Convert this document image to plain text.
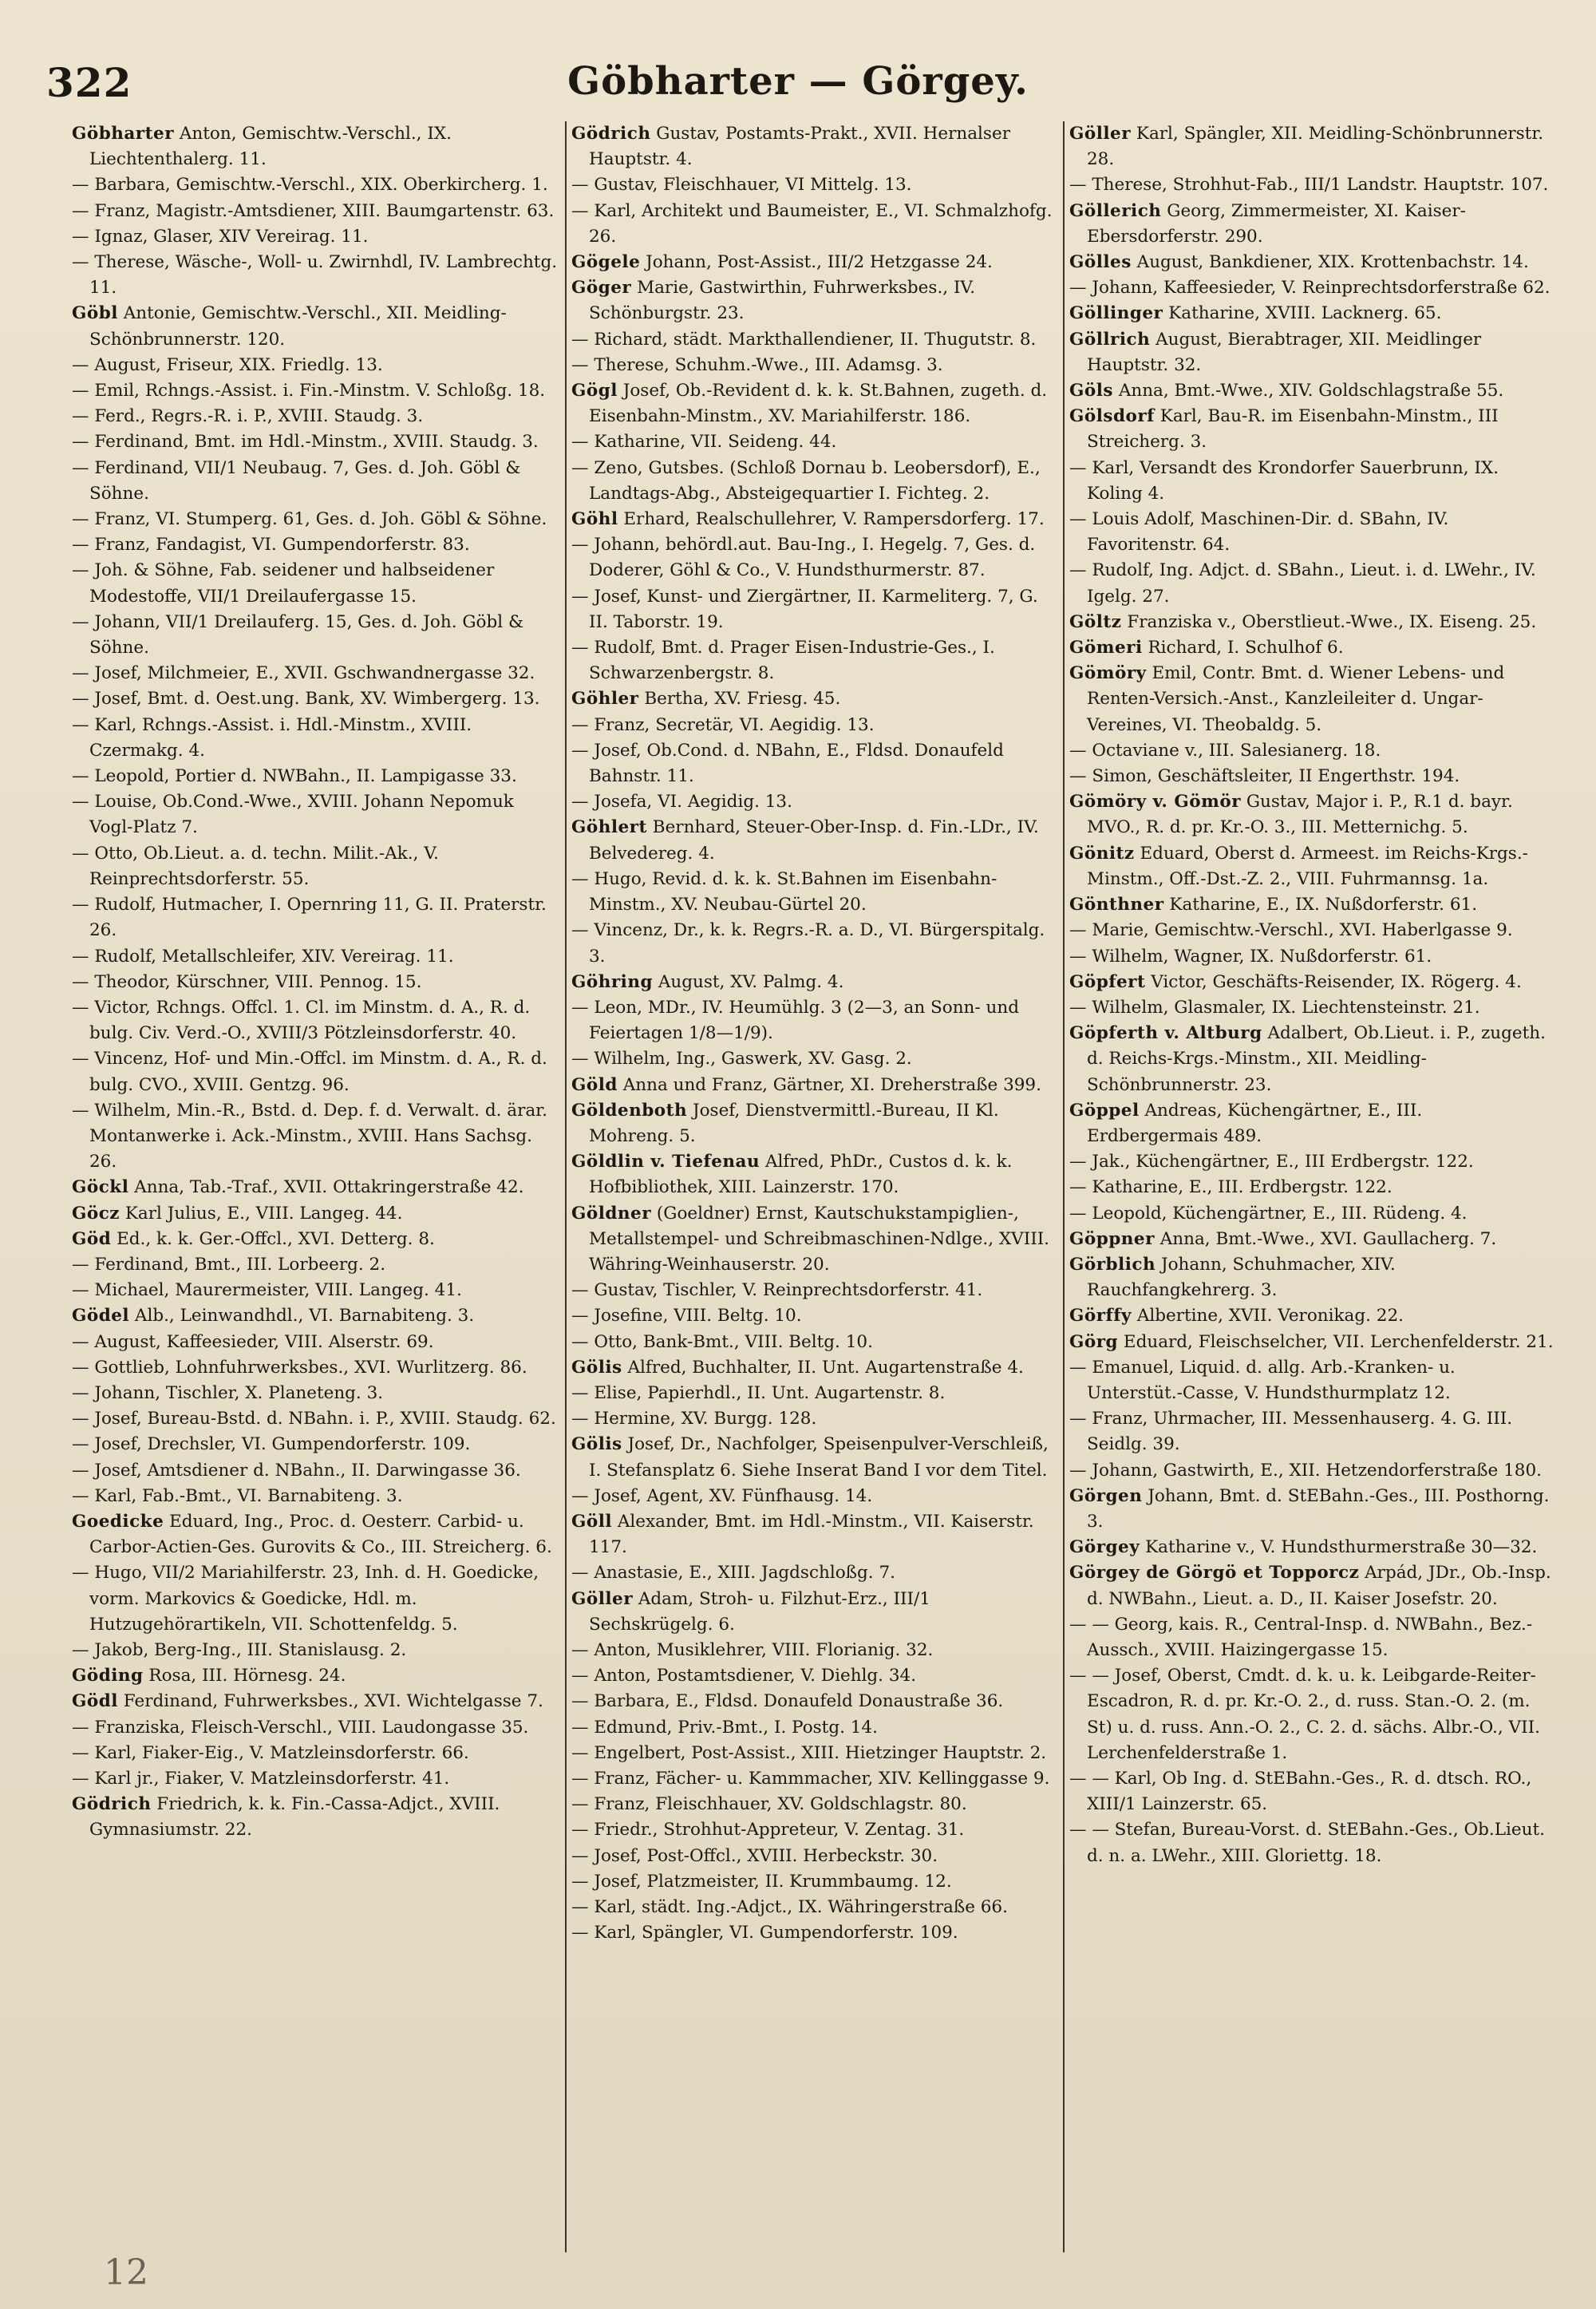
322	Göbharter — Görgey.

Göbharter Anton, Gemischtw.-Verschl., IX. Liechtenthalerg. 11.

— Barbara, Gemischtw.-Verschl., XIX. Oberkircherg. 1.

— Franz, Magistr.-Amtsdiener, XIII. Baumgartenstr. 63.

— Ignaz, Glaser, XIV Vereirag. 11.

— Therese, Wäsche-, Woll- u. Zwirnhdl, IV. Lambrechtg. 11.

Göbl Antonie, Gemischtw.-Verschl., XII. Meidling-Schönbrunnerstr. 120.

— August, Friseur, XIX. Friedlg. 13.

— Emil, Rchngs.-Assist. i. Fin.-Minstm. V. Schloßg. 18.

— Ferd., Regrs.-R. i. P., XVIII. Staudg. 3.

— Ferdinand, Bmt. im Hdl.-Minstm., XVIII. Staudg. 3.

— Ferdinand, VII/1 Neubaug. 7, Ges. d. Joh. Göbl & Söhne.

— Franz, VI. Stumperg. 61, Ges. d. Joh. Göbl & Söhne.

— Franz, Fandagist, VI. Gumpendorferstr. 83.

— Joh. & Söhne, Fab. seidener und halbseidener Modestoffe, VII/1 Dreilaufergasse 15.

— Johann, VII/1 Dreilauferg. 15, Ges. d. Joh. Göbl & Söhne.

— Josef, Milchmeier, E., XVII. Gschwandnergasse 32.

— Josef, Bmt. d. Oest.ung. Bank, XV. Wimbergerg. 13.

— Karl, Rchngs.-Assist. i. Hdl.-Minstm., XVIII. Czermakg. 4.

— Leopold, Portier d. NWBahn., II. Lampigasse 33.

— Louise, Ob.Cond.-Wwe., XVIII. Johann Nepomuk Vogl-Platz 7.

— Otto, Ob.Lieut. a. d. techn. Milit.-Ak., V. Reinprechtsdorferstr. 55.

— Rudolf, Hutmacher, I. Opernring 11, G. II. Praterstr. 26.

— Rudolf, Metallschleifer, XIV. Vereirag. 11.

— Theodor, Kürschner, VIII. Pennog. 15.

— Victor, Rchngs. Offcl. 1. Cl. im Minstm. d. A., R. d. bulg. Civ. Verd.-O., XVIII/3 Pötzleinsdorferstr. 40.

— Vincenz, Hof- und Min.-Offcl. im Minstm. d. A., R. d. bulg. CVO., XVIII. Gentzg. 96.

— Wilhelm, Min.-R., Bstd. d. Dep. f. d. Verwalt. d. ärar. Montanwerke i. Ack.-Minstm., XVIII. Hans Sachsg. 26.

Göckl Anna, Tab.-Traf., XVII. Ottakringerstraße 42.

Göcz Karl Julius, E., VIII. Langeg. 44.

Göd Ed., k. k. Ger.-Offcl., XVI. Detterg. 8.

— Ferdinand, Bmt., III. Lorbeerg. 2.

— Michael, Maurermeister, VIII. Langeg. 41.

Gödel Alb., Leinwandhdl., VI. Barnabiteng. 3.

— August, Kaffeesieder, VIII. Alserstr. 69.

— Gottlieb, Lohnfuhrwerksbes., XVI. Wurlitzerg. 86.

— Johann, Tischler, X. Planeteng. 3.

— Josef, Bureau-Bstd. d. NBahn. i. P., XVIII. Staudg. 62.

— Josef, Drechsler, VI. Gumpendorferstr. 109.

— Josef, Amtsdiener d. NBahn., II. Darwingasse 36.

— Karl, Fab.-Bmt., VI. Barnabiteng. 3.

Goedicke Eduard, Ing., Proc. d. Oesterr. Carbid- u. Carbor-Actien-Ges. Gurovits & Co., III. Streicherg. 6.

— Hugo, VII/2 Mariahilferstr. 23, Inh. d. H. Goedicke, vorm. Markovics & Goedicke, Hdl. m. Hutzugehörartikeln, VII. Schottenfeldg. 5.

— Jakob, Berg-Ing., III. Stanislausg. 2.

Göding Rosa, III. Hörnesg. 24.

Gödl Ferdinand, Fuhrwerksbes., XVI. Wichtelgasse 7.

— Franziska, Fleisch-Verschl., VIII. Laudongasse 35.

— Karl, Fiaker-Eig., V. Matzleinsdorferstr. 66.

— Karl jr., Fiaker, V. Matzleinsdorferstr. 41.

Gödrich Friedrich, k. k. Fin.-Cassa-Adjct., XVIII. Gymnasiumstr. 22.

Gödrich Gustav, Postamts-Prakt., XVII. Hernalser Hauptstr. 4.

— Gustav, Fleischhauer, VI Mittelg. 13.

— Karl, Architekt und Baumeister, E., VI. Schmalzhofg. 26.

Gögele Johann, Post-Assist., III/2 Hetzgasse 24.

Göger Marie, Gastwirthin, Fuhrwerksbes., IV. Schönburgstr. 23.

— Richard, städt. Markthallendiener, II. Thugutstr. 8.

— Therese, Schuhm.-Wwe., III. Adamsg. 3.

Gögl Josef, Ob.-Revident d. k. k. St.Bahnen, zugeth. d. Eisenbahn-Minstm., XV. Mariahilferstr. 186.

— Katharine, VII. Seideng. 44.

— Zeno, Gutsbes. (Schloß Dornau b. Leobersdorf), E., Landtags-Abg., Absteigequartier I. Fichteg. 2.

Göhl Erhard, Realschullehrer, V. Rampersdorferg. 17.

— Johann, behördl.aut. Bau-Ing., I. Hegelg. 7, Ges. d. Doderer, Göhl & Co., V. Hundsthurmerstr. 87.

— Josef, Kunst- und Ziergärtner, II. Karmeliterg. 7, G. II. Taborstr. 19.

— Rudolf, Bmt. d. Prager Eisen-Industrie-Ges., I. Schwarzenbergstr. 8.

Göhler Bertha, XV. Friesg. 45.

— Franz, Secretär, VI. Aegidig. 13.

— Josef, Ob.Cond. d. NBahn, E., Fldsd. Donaufeld Bahnstr. 11.

— Josefa, VI. Aegidig. 13.

Göhlert Bernhard, Steuer-Ober-Insp. d. Fin.-LDr., IV. Belvedereg. 4.

— Hugo, Revid. d. k. k. St.Bahnen im Eisenbahn-Minstm., XV. Neubau-Gürtel 20.

— Vincenz, Dr., k. k. Regrs.-R. a. D., VI. Bürgerspitalg. 3.

Göhring August, XV. Palmg. 4.

— Leon, MDr., IV. Heumühlg. 3 (2—3, an Sonn- und Feiertagen 1/8—1/9).

— Wilhelm, Ing., Gaswerk, XV. Gasg. 2.

Göld Anna und Franz, Gärtner, XI. Dreherstraße 399.

Göldenboth Josef, Dienstvermittl.-Bureau, II Kl. Mohreng. 5.

Göldlin v. Tiefenau Alfred, PhDr., Custos d. k. k. Hofbibliothek, XIII. Lainzerstr. 170.

Göldner (Goeldner) Ernst, Kautschukstampiglien-, Metallstempel- und Schreibmaschinen-Ndlge., XVIII. Währing-Weinhauserstr. 20.

— Gustav, Tischler, V. Reinprechtsdorferstr. 41.

— Josefine, VIII. Beltg. 10.

— Otto, Bank-Bmt., VIII. Beltg. 10.

Gölis Alfred, Buchhalter, II. Unt. Augartenstraße 4.

— Elise, Papierhdl., II. Unt. Augartenstr. 8.

— Hermine, XV. Burgg. 128.

Gölis Josef, Dr., Nachfolger, Speisenpulver-Verschleiß, I. Stefansplatz 6. Siehe Inserat Band I vor dem Titel.

— Josef, Agent, XV. Fünfhausg. 14.

Göll Alexander, Bmt. im Hdl.-Minstm., VII. Kaiserstr. 117.

— Anastasie, E., XIII. Jagdschloßg. 7.

Göller Adam, Stroh- u. Filzhut-Erz., III/1 Sechskrügelg. 6.

— Anton, Musiklehrer, VIII. Florianig. 32.

— Anton, Postamtsdiener, V. Diehlg. 34.

— Barbara, E., Fldsd. Donaufeld Donaustraße 36.

— Edmund, Priv.-Bmt., I. Postg. 14.

— Engelbert, Post-Assist., XIII. Hietzinger Hauptstr. 2.

— Franz, Fächer- u. Kammmacher, XIV. Kellinggasse 9.

— Franz, Fleischhauer, XV. Goldschlagstr. 80.

— Friedr., Strohhut-Appreteur, V. Zentag. 31.

— Josef, Post-Offcl., XVIII. Herbeckstr. 30.

— Josef, Platzmeister, II. Krummbaumg. 12.

— Karl, städt. Ing.-Adjct., IX. Währingerstraße 66.

— Karl, Spängler, VI. Gumpendorferstr. 109.

Göller Karl, Spängler, XII. Meidling-Schönbrunnerstr. 28.

— Therese, Strohhut-Fab., III/1 Landstr. Hauptstr. 107.

Göllerich Georg, Zimmermeister, XI. Kaiser-Ebersdorferstr. 290.

Gölles August, Bankdiener, XIX. Krottenbachstr. 14.

— Johann, Kaffeesieder, V. Reinprechtsdorferstraße 62.

Göllinger Katharine, XVIII. Lacknerg. 65.

Göllrich August, Bierabtrager, XII. Meidlinger Hauptstr. 32.

Göls Anna, Bmt.-Wwe., XIV. Goldschlagstraße 55.

Gölsdorf Karl, Bau-R. im Eisenbahn-Minstm., III Streicherg. 3.

— Karl, Versandt des Krondorfer Sauerbrunn, IX. Koling 4.

— Louis Adolf, Maschinen-Dir. d. SBahn, IV. Favoritenstr. 64.

— Rudolf, Ing. Adjct. d. SBahn., Lieut. i. d. LWehr., IV. Igelg. 27.

Göltz Franziska v., Oberstlieut.-Wwe., IX. Eiseng. 25.

Gömeri Richard, I. Schulhof 6.

Gömöry Emil, Contr. Bmt. d. Wiener Lebens- und Renten-Versich.-Anst., Kanzleileiter d. Ungar-Vereines, VI. Theobaldg. 5.

— Octaviane v., III. Salesianerg. 18.

— Simon, Geschäftsleiter, II Engerthstr. 194.

Gömöry v. Gömör Gustav, Major i. P., R.1 d. bayr. MVO., R. d. pr. Kr.-O. 3., III. Metternichg. 5.

Gönitz Eduard, Oberst d. Armeest. im Reichs-Krgs.-Minstm., Off.-Dst.-Z. 2., VIII. Fuhrmannsg. 1a.

Gönthner Katharine, E., IX. Nußdorferstr. 61.

— Marie, Gemischtw.-Verschl., XVI. Haberlgasse 9.

— Wilhelm, Wagner, IX. Nußdorferstr. 61.

Göpfert Victor, Geschäfts-Reisender, IX. Rögerg. 4.

— Wilhelm, Glasmaler, IX. Liechtensteinstr. 21.

Göpferth v. Altburg Adalbert, Ob.Lieut. i. P., zugeth. d. Reichs-Krgs.-Minstm., XII. Meidling-Schönbrunnerstr. 23.

Göppel Andreas, Küchengärtner, E., III. Erdbergermais 489.

— Jak., Küchengärtner, E., III Erdbergstr. 122.

— Katharine, E., III. Erdbergstr. 122.

— Leopold, Küchengärtner, E., III. Rüdeng. 4.

Göppner Anna, Bmt.-Wwe., XVI. Gaullacherg. 7.

Görblich Johann, Schuhmacher, XIV. Rauchfangkehrerg. 3.

Görffy Albertine, XVII. Veronikag. 22.

Görg Eduard, Fleischselcher, VII. Lerchenfelderstr. 21.

— Emanuel, Liquid. d. allg. Arb.-Kranken- u. Unterstüt.-Casse, V. Hundsthurmplatz 12.

— Franz, Uhrmacher, III. Messenhauserg. 4. G. III. Seidlg. 39.

— Johann, Gastwirth, E., XII. Hetzendorferstraße 180.

Görgen Johann, Bmt. d. StEBahn.-Ges., III. Posthorng. 3.

Görgey Katharine v., V. Hundsthurmerstraße 30—32.

Görgey de Görgö et Topporcz Arpád, JDr., Ob.-Insp. d. NWBahn., Lieut. a. D., II. Kaiser Josefstr. 20.

— — Georg, kais. R., Central-Insp. d. NWBahn., Bez.-Aussch., XVIII. Haizingergasse 15.

— — Josef, Oberst, Cmdt. d. k. u. k. Leibgarde-Reiter-Escadron, R. d. pr. Kr.-O. 2., d. russ. Stan.-O. 2. (m. St) u. d. russ. Ann.-O. 2., C. 2. d. sächs. Albr.-O., VII. Lerchenfelderstraße 1.

— — Karl, Ob Ing. d. StEBahn.-Ges., R. d. dtsch. RO., XIII/1 Lainzerstr. 65.

— — Stefan, Bureau-Vorst. d. StEBahn.-Ges., Ob.Lieut. d. n. a. LWehr., XIII. Gloriettg. 18.

12
